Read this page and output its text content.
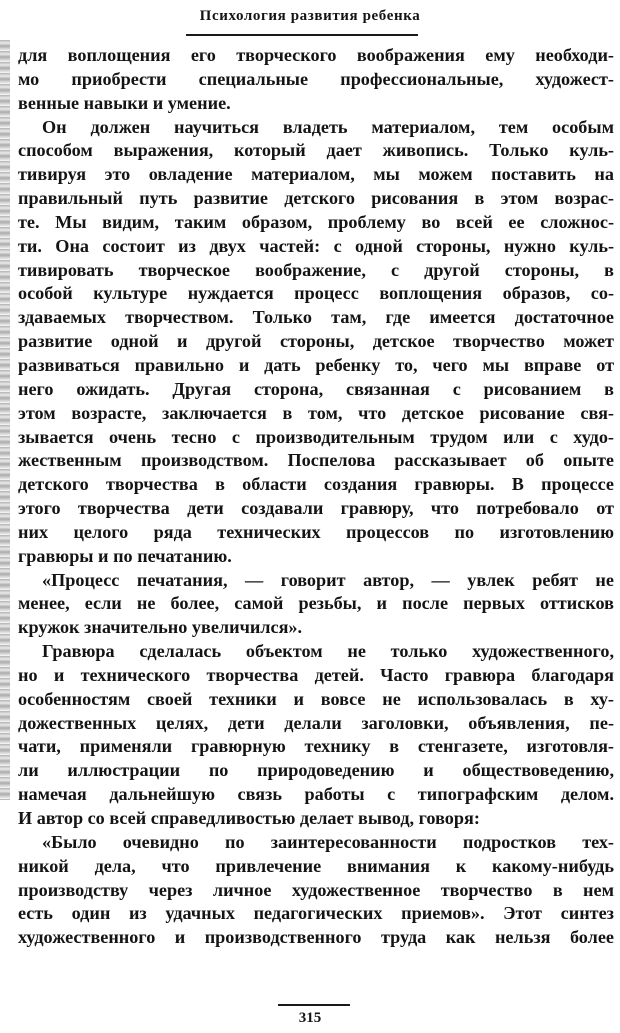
Психология развития ребенка
для воплощения его творческого воображения ему необходи-
мо приобрести специальные профессиональные, художест-
венные навыки и умение.
Он должен научиться владеть материалом, тем особым
способом выражения, который дает живопись. Только куль-
тивируя это овладение материалом, мы можем поставить на
правильный путь развитие детского рисования в этом возрас-
те. Мы видим, таким образом, проблему во всей ее сложнос-
ти. Она состоит из двух частей: с одной стороны, нужно куль-
тивировать творческое воображение, с другой стороны, в
особой культуре нуждается процесс воплощения образов, со-
здаваемых творчеством. Только там, где имеется достаточное
развитие одной и другой стороны, детское творчество может
развиваться правильно и дать ребенку то, чего мы вправе от
него ожидать. Другая сторона, связанная с рисованием в
этом возрасте, заключается в том, что детское рисование свя-
зывается очень тесно с производительным трудом или с худо-
жественным производством. Поспелова рассказывает об опыте
детского творчества в области создания гравюры. В процессе
этого творчества дети создавали гравюру, что потребовало от
них целого ряда технических процессов по изготовлению
гравюры и по печатанию.
«Процесс печатания, — говорит автор, — увлек ребят не
менее, если не более, самой резьбы, и после первых оттисков
кружок значительно увеличился».
Гравюра сделалась объектом не только художественного,
но и технического творчества детей. Часто гравюра благодаря
особенностям своей техники и вовсе не использовалась в ху-
дожественных целях, дети делали заголовки, объявления, пе-
чати, применяли гравюрную технику в стенгазете, изготовля-
ли иллюстрации по природоведению и обществоведению,
намечая дальнейшую связь работы с типографским делом.
И автор со всей справедливостью делает вывод, говоря:
«Было очевидно по заинтересованности подростков тех-
никой дела, что привлечение внимания к какому-нибудь
производству через личное художественное творчество в нем
есть один из удачных педагогических приемов». Этот синтез
художественного и производственного труда как нельзя более
315
